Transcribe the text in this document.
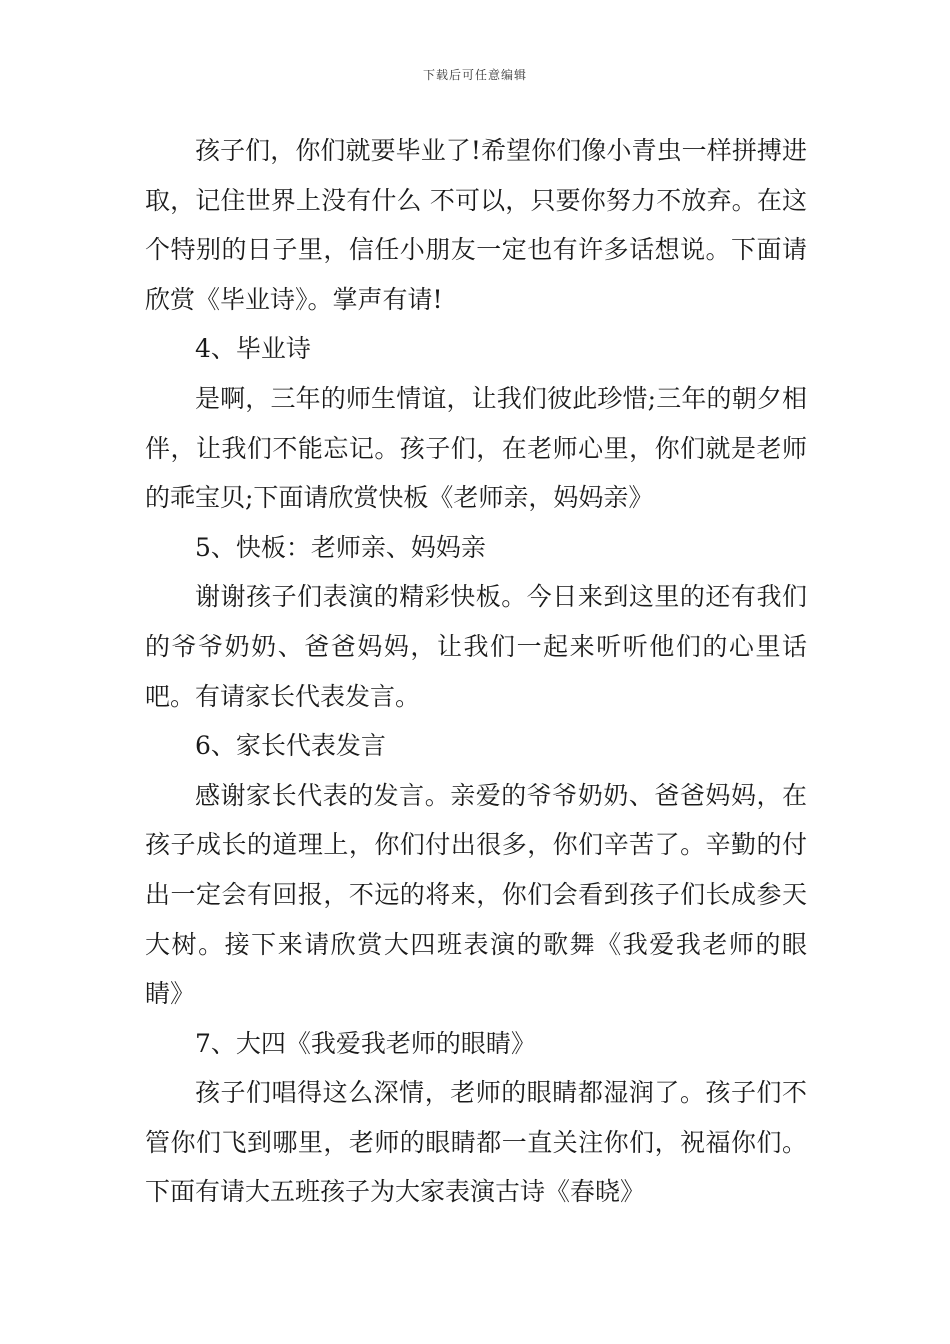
下载后可任意编辑

孩子们，你们就要毕业了!希望你们像小青虫一样拼搏进取，记住世界上没有什么 不可以，只要你努力不放弃。在这个特别的日子里，信任小朋友一定也有许多话想说。下面请欣赏《毕业诗》。掌声有请!

4、毕业诗

是啊，三年的师生情谊，让我们彼此珍惜;三年的朝夕相伴，让我们不能忘记。孩子们，在老师心里，你们就是老师的乖宝贝;下面请欣赏快板《老师亲，妈妈亲》

5、快板：老师亲、妈妈亲

谢谢孩子们表演的精彩快板。今日来到这里的还有我们的爷爷奶奶、爸爸妈妈，让我们一起来听听他们的心里话吧。有请家长代表发言。

6、家长代表发言

感谢家长代表的发言。亲爱的爷爷奶奶、爸爸妈妈，在孩子成长的道理上，你们付出很多，你们辛苦了。辛勤的付出一定会有回报，不远的将来，你们会看到孩子们长成参天大树。接下来请欣赏大四班表演的歌舞《我爱我老师的眼睛》

7、大四《我爱我老师的眼睛》

孩子们唱得这么深情，老师的眼睛都湿润了。孩子们不管你们飞到哪里，老师的眼睛都一直关注你们，祝福你们。下面有请大五班孩子为大家表演古诗《春晓》
